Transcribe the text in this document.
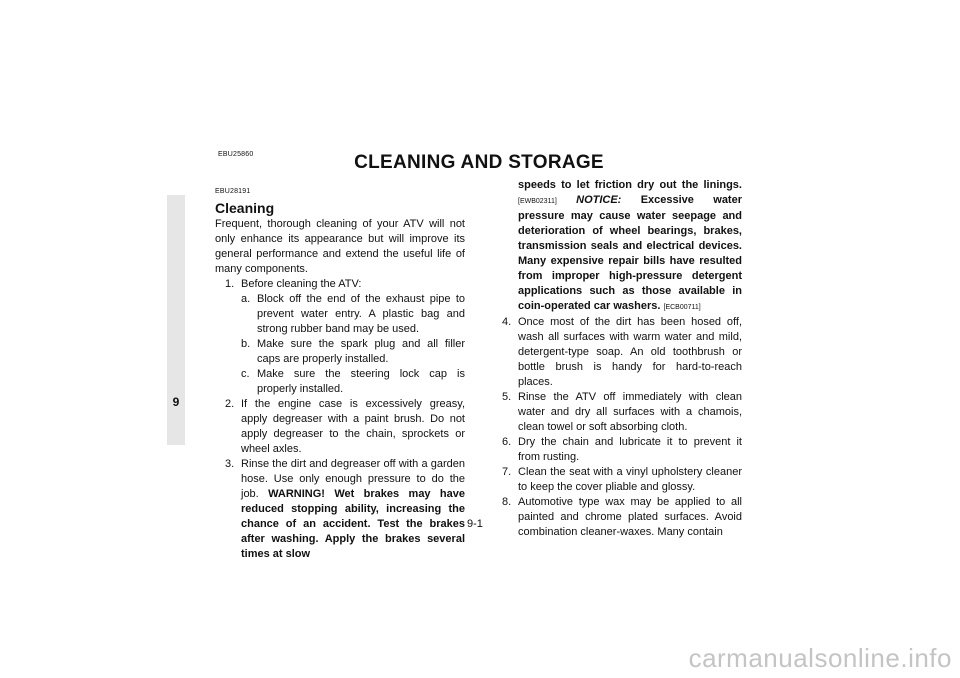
EBU25860	CLEANING AND STORAGE
9
EBU28191
Cleaning

Frequent, thorough cleaning of your ATV will not only enhance its appearance but will improve its general performance and extend the useful life of many components.

1. Before cleaning the ATV:
a. Block off the end of the exhaust pipe to prevent water entry. A plastic bag and strong rubber band may be used.
b. Make sure the spark plug and all filler caps are properly installed.
c. Make sure the steering lock cap is properly installed.
2. If the engine case is excessively greasy, apply degreaser with a paint brush. Do not apply degreaser to the chain, sprockets or wheel axles.
3. Rinse the dirt and degreaser off with a garden hose. Use only enough pressure to do the job. WARNING! Wet brakes may have reduced stopping ability, increasing the chance of an accident. Test the brakes after washing. Apply the brakes several times at slow
speeds to let friction dry out the linings. [EWB02311] NOTICE: Excessive water pressure may cause water seepage and deterioration of wheel bearings, brakes, transmission seals and electrical devices. Many expensive repair bills have resulted from improper high-pressure detergent applications such as those available in coin-operated car washers. [ECB00711]
4. Once most of the dirt has been hosed off, wash all surfaces with warm water and mild, detergent-type soap. An old toothbrush or bottle brush is handy for hard-to-reach places.
5. Rinse the ATV off immediately with clean water and dry all surfaces with a chamois, clean towel or soft absorbing cloth.
6. Dry the chain and lubricate it to prevent it from rusting.
7. Clean the seat with a vinyl upholstery cleaner to keep the cover pliable and glossy.
8. Automotive type wax may be applied to all painted and chrome plated surfaces. Avoid combination cleaner-waxes. Many contain
9-1
carmanualsonline.info
